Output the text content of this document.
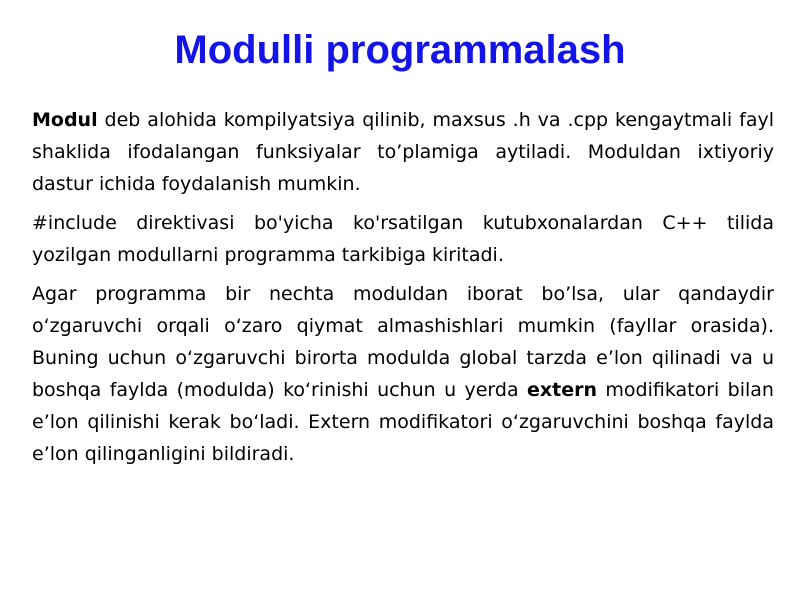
Modulli programmalash

Modul deb alohida kompilyatsiya qilinib, maxsus .h va .cpp kengaytmali fayl shaklida ifodalangan funksiyalar to’plamiga aytiladi. Moduldan ixtiyoriy dastur ichida foydalanish mumkin.

#include direktivasi bo'yicha ko'rsatilgan kutubxonalardan C++ tilida yozilgan modullarni programma tarkibiga kiritadi.

Agar programma bir nechta moduldan iborat bo’lsa, ular qandaydir o‘zgaruvchi orqali o‘zaro qiymat almashishlari mumkin (fayllar orasida). Buning uchun o‘zgaruvchi birorta modulda global tarzda e’lon qilinadi va u boshqa faylda (modulda) ko‘rinishi uchun u yerda extern modifikatori bilan e’lon qilinishi kerak bo‘ladi. Extern modifikatori o‘zgaruvchini boshqa faylda e’lon qilinganligini bildiradi.
